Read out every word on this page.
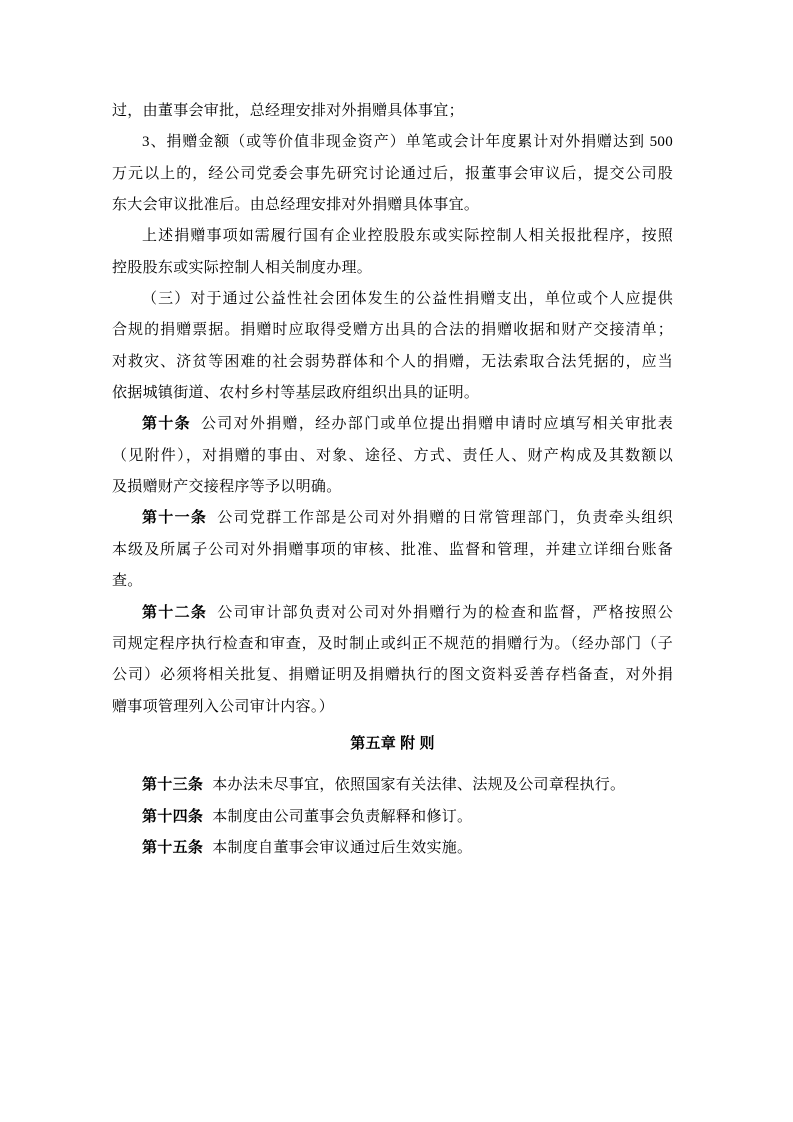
过，由董事会审批，总经理安排对外捐赠具体事宜；
3、捐赠金额（或等价值非现金资产）单笔或会计年度累计对外捐赠达到 500
万元以上的，经公司党委会事先研究讨论通过后，报董事会审议后，提交公司股
东大会审议批准后。由总经理安排对外捐赠具体事宜。
上述捐赠事项如需履行国有企业控股股东或实际控制人相关报批程序，按照
控股股东或实际控制人相关制度办理。
（三）对于通过公益性社会团体发生的公益性捐赠支出，单位或个人应提供
合规的捐赠票据。捐赠时应取得受赠方出具的合法的捐赠收据和财产交接清单；
对救灾、济贫等困难的社会弱势群体和个人的捐赠，无法索取合法凭据的，应当
依据城镇街道、农村乡村等基层政府组织出具的证明。
第十条 公司对外捐赠，经办部门或单位提出捐赠申请时应填写相关审批表
（见附件），对捐赠的事由、对象、途径、方式、责任人、财产构成及其数额以
及损赠财产交接程序等予以明确。
第十一条 公司党群工作部是公司对外捐赠的日常管理部门，负责牵头组织
本级及所属子公司对外捐赠事项的审核、批准、监督和管理，并建立详细台账备
查。
第十二条 公司审计部负责对公司对外捐赠行为的检查和监督，严格按照公
司规定程序执行检查和审查，及时制止或纠正不规范的捐赠行为。（经办部门（子
公司）必须将相关批复、捐赠证明及捐赠执行的图文资料妥善存档备查，对外捐
赠事项管理列入公司审计内容。）
第五章 附 则
第十三条 本办法未尽事宜，依照国家有关法律、法规及公司章程执行。
第十四条 本制度由公司董事会负责解释和修订。
第十五条 本制度自董事会审议通过后生效实施。
